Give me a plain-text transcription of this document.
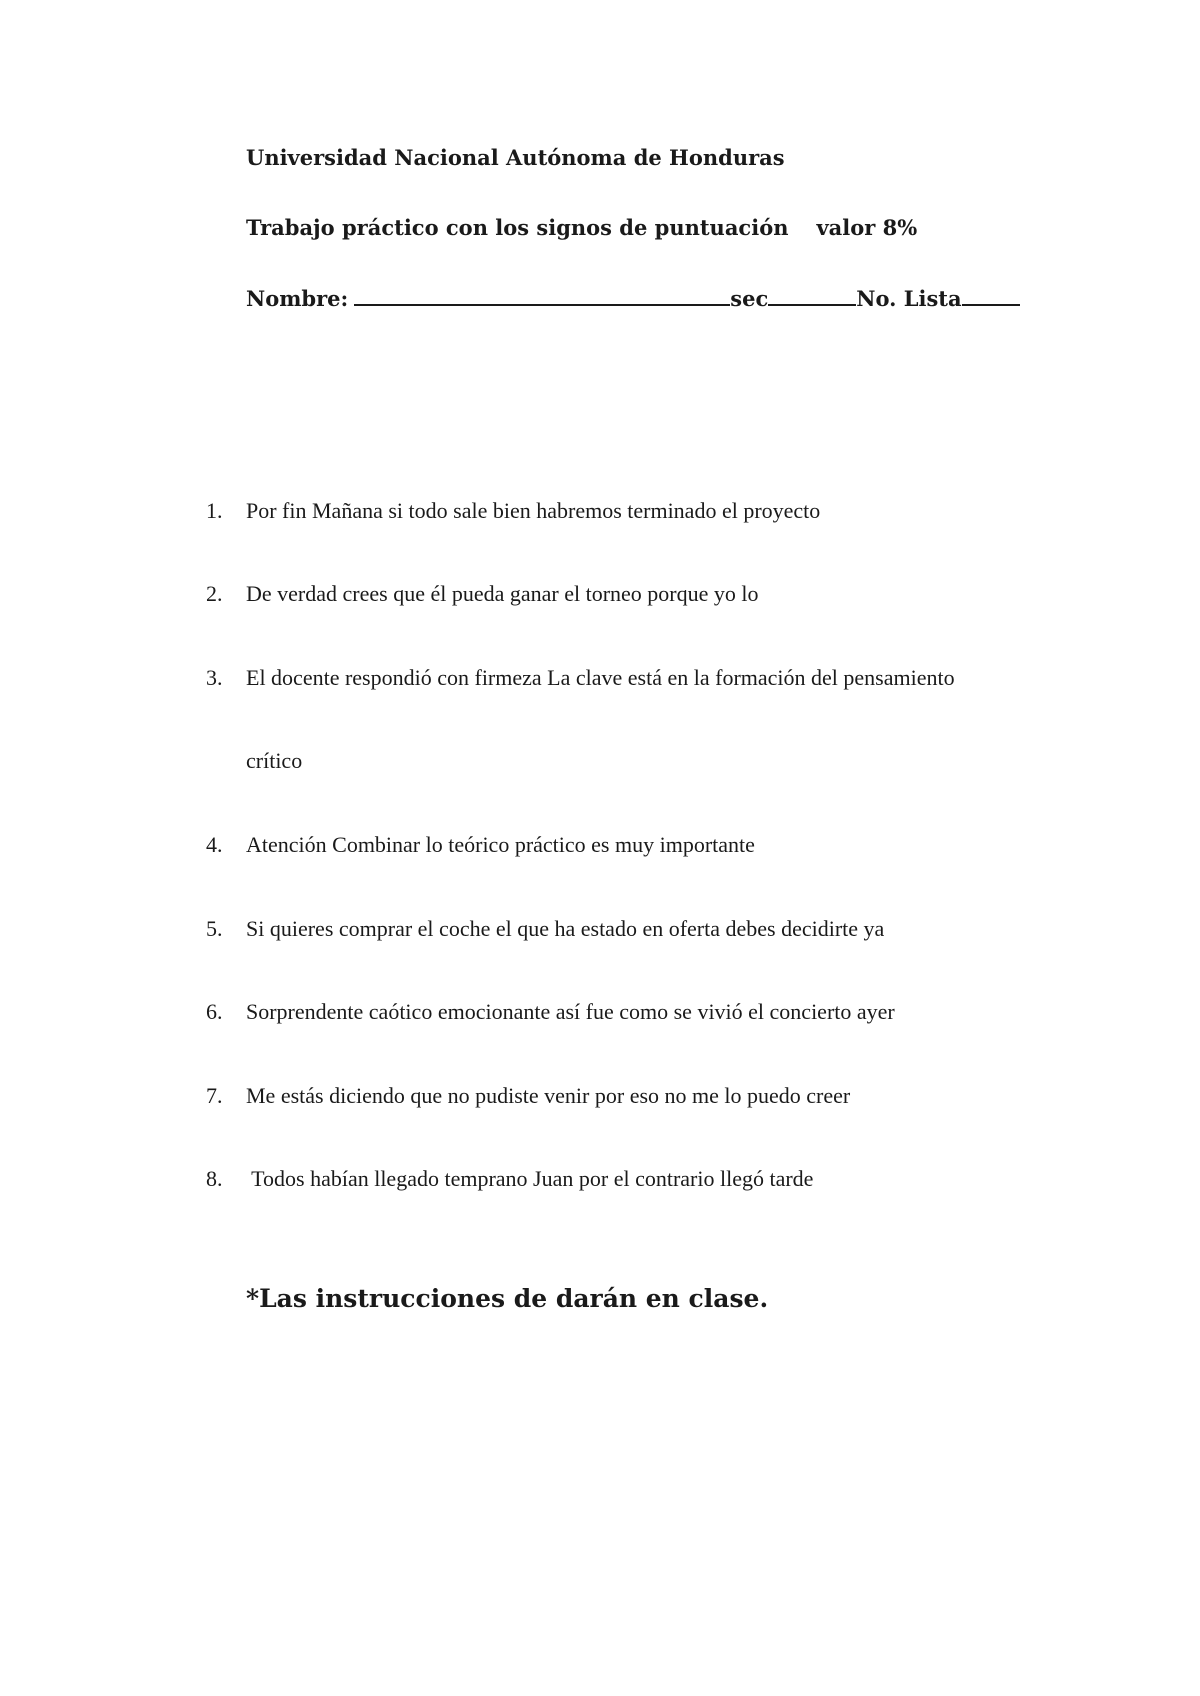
Universidad Nacional Autónoma de Honduras
Trabajo práctico con los signos de puntuación valor 8%
Nombre:	sec	No. Lista
1. Por fin Mañana si todo sale bien habremos terminado el proyecto
2. De verdad crees que él pueda ganar el torneo porque yo lo
3. El docente respondió con firmeza La clave está en la formación del pensamiento
crítico
4. Atención Combinar lo teórico práctico es muy importante
5. Si quieres comprar el coche el que ha estado en oferta debes decidirte ya
6. Sorprendente caótico emocionante así fue como se vivió el concierto ayer
7. Me estás diciendo que no pudiste venir por eso no me lo puedo creer
8. Todos habían llegado temprano Juan por el contrario llegó tarde
*Las instrucciones de darán en clase.
